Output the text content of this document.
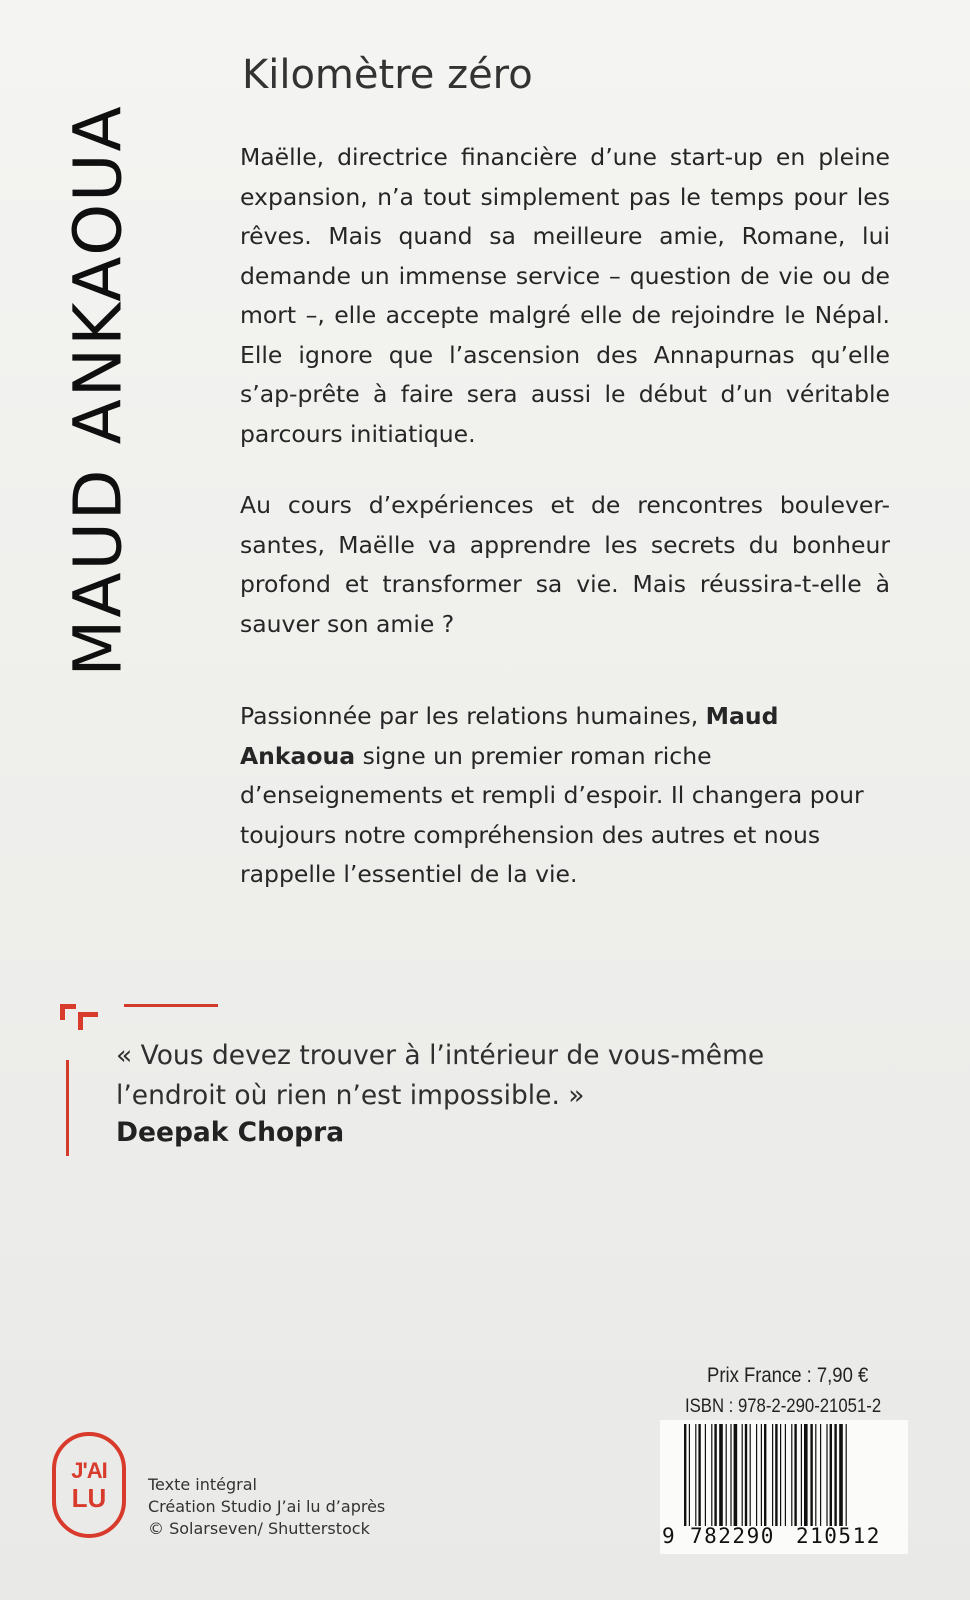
MAUD ANKAOUA
Kilomètre zéro

Maëlle, directrice financière d’une start-up en pleine expansion, n’a tout simplement pas le temps pour les rêves. Mais quand sa meilleure amie, Romane, lui demande un immense service – question de vie ou de mort –, elle accepte malgré elle de rejoindre le Népal. Elle ignore que l’ascension des Annapurnas qu’elle s’ap-prête à faire sera aussi le début d’un véritable parcours initiatique.

Au cours d’expériences et de rencontres boulever-santes, Maëlle va apprendre les secrets du bonheur profond et transformer sa vie. Mais réussira-t-elle à sauver son amie ?

Passionnée par les relations humaines, Maud Ankaoua signe un premier roman riche d’enseignements et rempli d’espoir. Il changera pour toujours notre compréhension des autres et nous rappelle l’essentiel de la vie.

« Vous devez trouver à l’intérieur de vous-même
l’endroit où rien n’est impossible. »

Deepak Chopra
J'AI
LU	Texte intégral
Création Studio J’ai lu d’après
© Solarseven/ Shutterstock
Prix France : 7,90 €
ISBN : 978-2-290-21051-2
9 782290 210512
